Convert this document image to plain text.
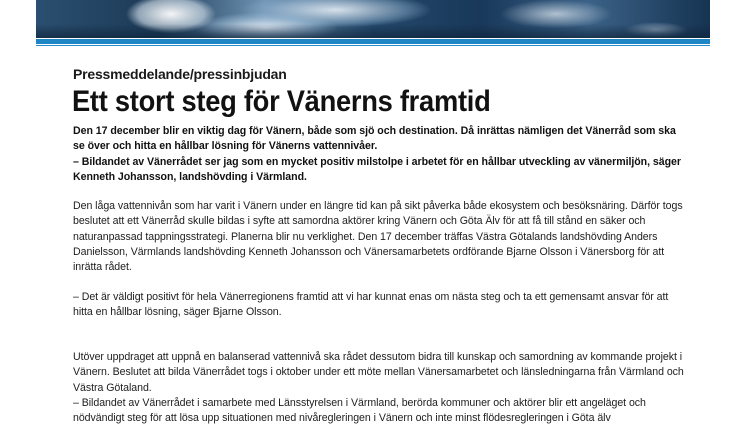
Pressmeddelande/pressinbjudan

Ett stort steg för Vänerns framtid

Den 17 december blir en viktig dag för Vänern, både som sjö och destination. Då inrättas nämligen det Vänerråd som ska se över och hitta en hållbar lösning för Vänerns vattennivåer.
– Bildandet av Vänerrådet ser jag som en mycket positiv milstolpe i arbetet för en hållbar utveckling av vänermiljön, säger Kenneth Johansson, landshövding i Värmland.

Den låga vattennivån som har varit i Vänern under en längre tid kan på sikt påverka både ekosystem och besöksnäring. Därför togs beslutet att ett Vänerråd skulle bildas i syfte att samordna aktörer kring Vänern och Göta Älv för att få till stånd en säker och naturanpassad tappningsstrategi. Planerna blir nu verklighet. Den 17 december träffas Västra Götalands landshövding Anders Danielsson, Värmlands landshövding Kenneth Johansson och Vänersamarbetets ordförande Bjarne Olsson i Vänersborg för att inrätta rådet.

– Det är väldigt positivt för hela Vänerregionens framtid att vi har kunnat enas om nästa steg och ta ett gemensamt ansvar för att hitta en hållbar lösning, säger Bjarne Olsson.

Utöver uppdraget att uppnå en balanserad vattennivå ska rådet dessutom bidra till kunskap och samordning av kommande projekt i Vänern. Beslutet att bilda Vänerrådet togs i oktober under ett möte mellan Vänersamarbetet och länsledningarna från Värmland och Västra Götaland.

– Bildandet av Vänerrådet i samarbete med Länsstyrelsen i Värmland, berörda kommuner och aktörer blir ett angeläget och nödvändigt steg för att lösa upp situationen med nivåregleringen i Vänern och inte minst flödesregleringen i Göta älv
